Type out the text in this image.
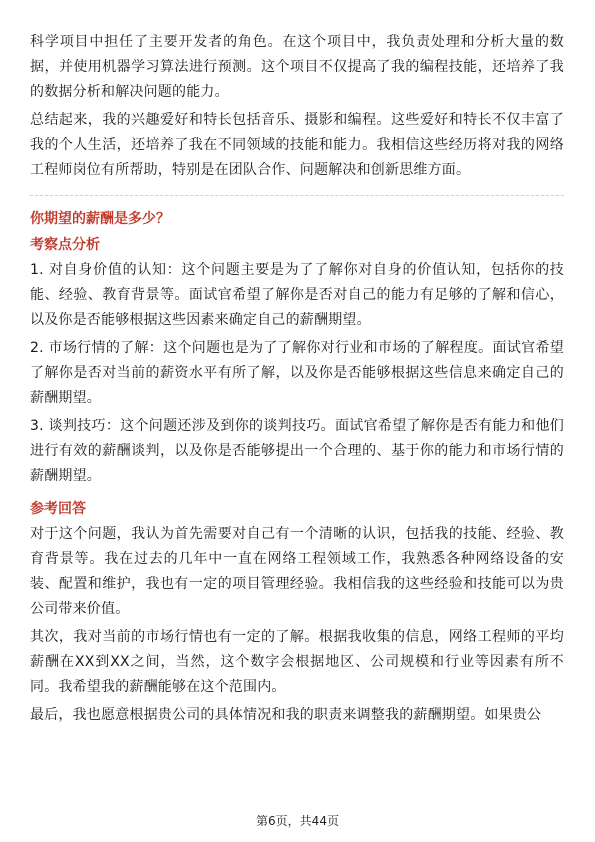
科学项目中担任了主要开发者的角色。在这个项目中，我负责处理和分析大量的数据，并使用机器学习算法进行预测。这个项目不仅提高了我的编程技能，还培养了我的数据分析和解决问题的能力。

总结起来，我的兴趣爱好和特长包括音乐、摄影和编程。这些爱好和特长不仅丰富了我的个人生活，还培养了我在不同领域的技能和能力。我相信这些经历将对我的网络工程师岗位有所帮助，特别是在团队合作、问题解决和创新思维方面。

你期望的薪酬是多少？
考察点分析

1. 对自身价值的认知：这个问题主要是为了了解你对自身的价值认知，包括你的技能、经验、教育背景等。面试官希望了解你是否对自己的能力有足够的了解和信心，以及你是否能够根据这些因素来确定自己的薪酬期望。

2. 市场行情的了解：这个问题也是为了了解你对行业和市场的了解程度。面试官希望了解你是否对当前的薪资水平有所了解，以及你是否能够根据这些信息来确定自己的薪酬期望。

3. 谈判技巧：这个问题还涉及到你的谈判技巧。面试官希望了解你是否有能力和他们进行有效的薪酬谈判，以及你是否能够提出一个合理的、基于你的能力和市场行情的薪酬期望。

参考回答

对于这个问题，我认为首先需要对自己有一个清晰的认识，包括我的技能、经验、教育背景等。我在过去的几年中一直在网络工程领域工作，我熟悉各种网络设备的安装、配置和维护，我也有一定的项目管理经验。我相信我的这些经验和技能可以为贵公司带来价值。

其次，我对当前的市场行情也有一定的了解。根据我收集的信息，网络工程师的平均薪酬在XX到XX之间，当然，这个数字会根据地区、公司规模和行业等因素有所不同。我希望我的薪酬能够在这个范围内。

最后，我也愿意根据贵公司的具体情况和我的职责来调整我的薪酬期望。如果贵公

第6页，共44页
